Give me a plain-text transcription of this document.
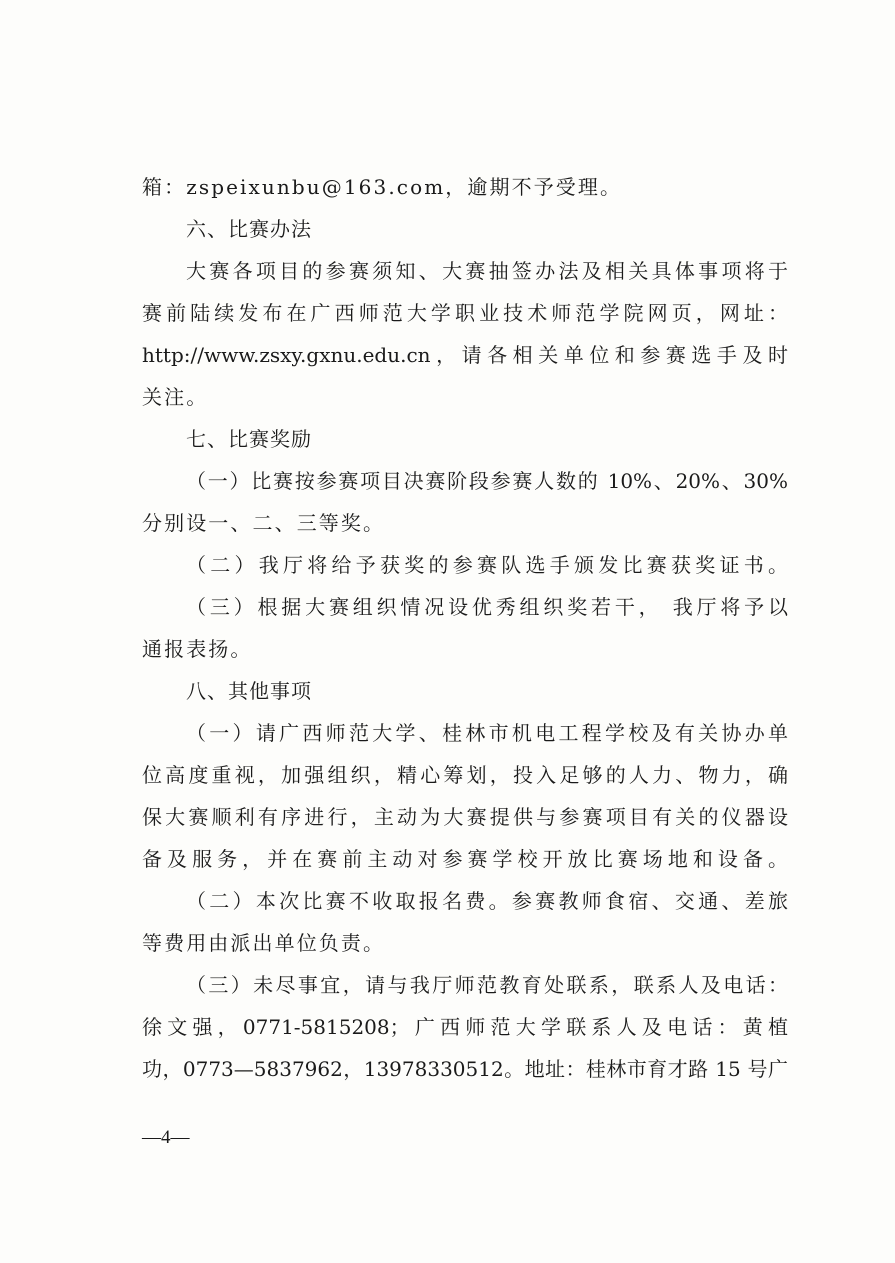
箱：zspeixunbu@163.com，逾期不予受理。
六、比赛办法
大赛各项目的参赛须知、大赛抽签办法及相关具体事项将于
赛前陆续发布在广西师范大学职业技术师范学院网页，网址：
http://www.zsxy.gxnu.edu.cn，请各相关单位和参赛选手及时
关注。
七、比赛奖励
（一）比赛按参赛项目决赛阶段参赛人数的 10%、20%、30%
分别设一、二、三等奖。
（二）我厅将给予获奖的参赛队选手颁发比赛获奖证书。
（三）根据大赛组织情况设优秀组织奖若干， 我厅将予以
通报表扬。
八、其他事项
（一）请广西师范大学、桂林市机电工程学校及有关协办单
位高度重视，加强组织，精心筹划，投入足够的人力、物力，确
保大赛顺利有序进行，主动为大赛提供与参赛项目有关的仪器设
备及服务，并在赛前主动对参赛学校开放比赛场地和设备。
（二）本次比赛不收取报名费。参赛教师食宿、交通、差旅
等费用由派出单位负责。
（三）未尽事宜，请与我厅师范教育处联系，联系人及电话：
徐文强，0771-5815208；广西师范大学联系人及电话：黄植
功，0773—5837962，13978330512。地址：桂林市育才路 15 号广
—4—
